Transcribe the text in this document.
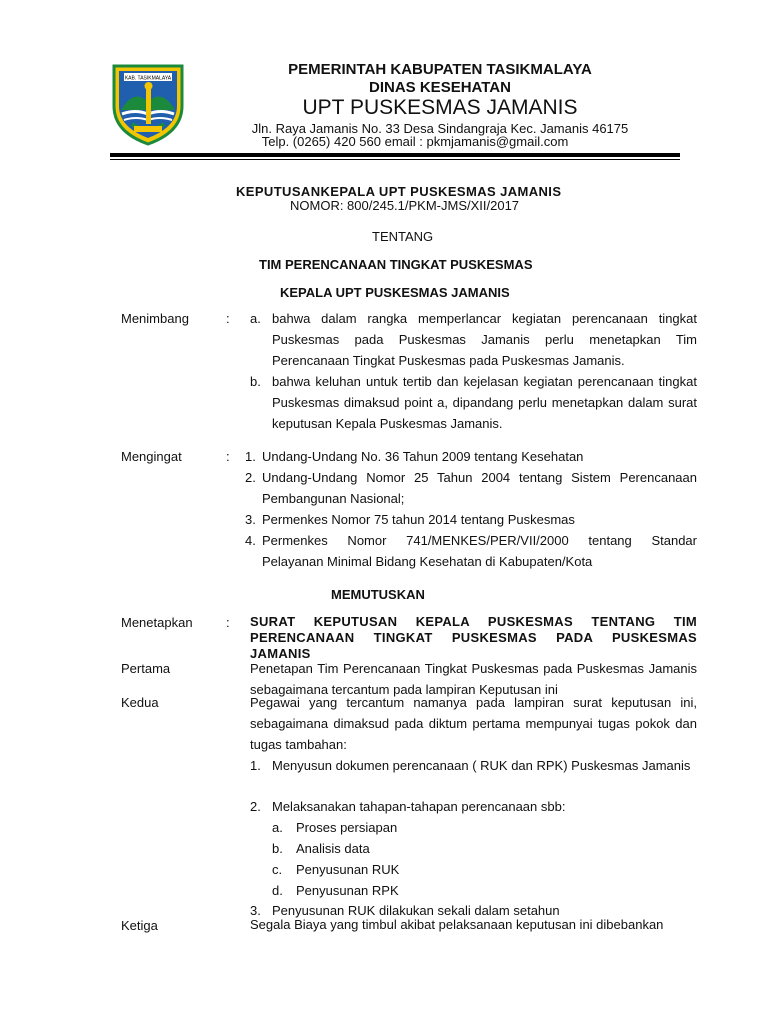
KAB. TASIKMALAYA
PEMERINTAH KABUPATEN TASIKMALAYA
DINAS KESEHATAN
UPT PUSKESMAS JAMANIS
Jln. Raya Jamanis No. 33 Desa Sindangraja Kec. Jamanis 46175
Telp. (0265) 420 560 email : pkmjamanis@gmail.com
KEPUTUSANKEPALA UPT PUSKESMAS JAMANIS
NOMOR: 800/245.1/PKM-JMS/XII/2017
TENTANG
TIM PERENCANAAN TINGKAT PUSKESMAS
KEPALA UPT PUSKESMAS JAMANIS
Menimbang	: a. bahwa dalam rangka memperlancar kegiatan perencanaan tingkat Puskesmas pada Puskesmas Jamanis perlu menetapkan Tim Perencanaan Tingkat Puskesmas pada Puskesmas Jamanis.
b. bahwa keluhan untuk tertib dan kejelasan kegiatan perencanaan tingkat Puskesmas dimaksud point a, dipandang perlu menetapkan dalam surat keputusan Kepala Puskesmas Jamanis.
Mengingat	: 1. Undang-Undang No. 36 Tahun 2009 tentang Kesehatan
2. Undang-Undang Nomor 25 Tahun 2004 tentang Sistem Perencanaan Pembangunan Nasional;
3. Permenkes Nomor 75 tahun 2014 tentang Puskesmas
4. Permenkes Nomor 741/MENKES/PER/VII/2000 tentang Standar Pelayanan Minimal Bidang Kesehatan di Kabupaten/Kota
MEMUTUSKAN
Menetapkan	: SURAT KEPUTUSAN KEPALA PUSKESMAS TENTANG TIM PERENCANAAN TINGKAT PUSKESMAS PADA PUSKESMAS JAMANIS
Pertama	Penetapan Tim Perencanaan Tingkat Puskesmas pada Puskesmas Jamanis sebagaimana tercantum pada lampiran Keputusan ini
Kedua	Pegawai yang tercantum namanya pada lampiran surat keputusan ini, sebagaimana dimaksud pada diktum pertama mempunyai tugas pokok dan tugas tambahan:
1. Menyusun dokumen perencanaan ( RUK dan RPK) Puskesmas Jamanis
2. Melaksanakan tahapan-tahapan perencanaan sbb:
a. Proses persiapan
b. Analisis data
c. Penyusunan RUK
d. Penyusunan RPK
3. Penyusunan RUK dilakukan sekali dalam setahun
Ketiga	Segala Biaya yang timbul akibat pelaksanaan keputusan ini dibebankan
